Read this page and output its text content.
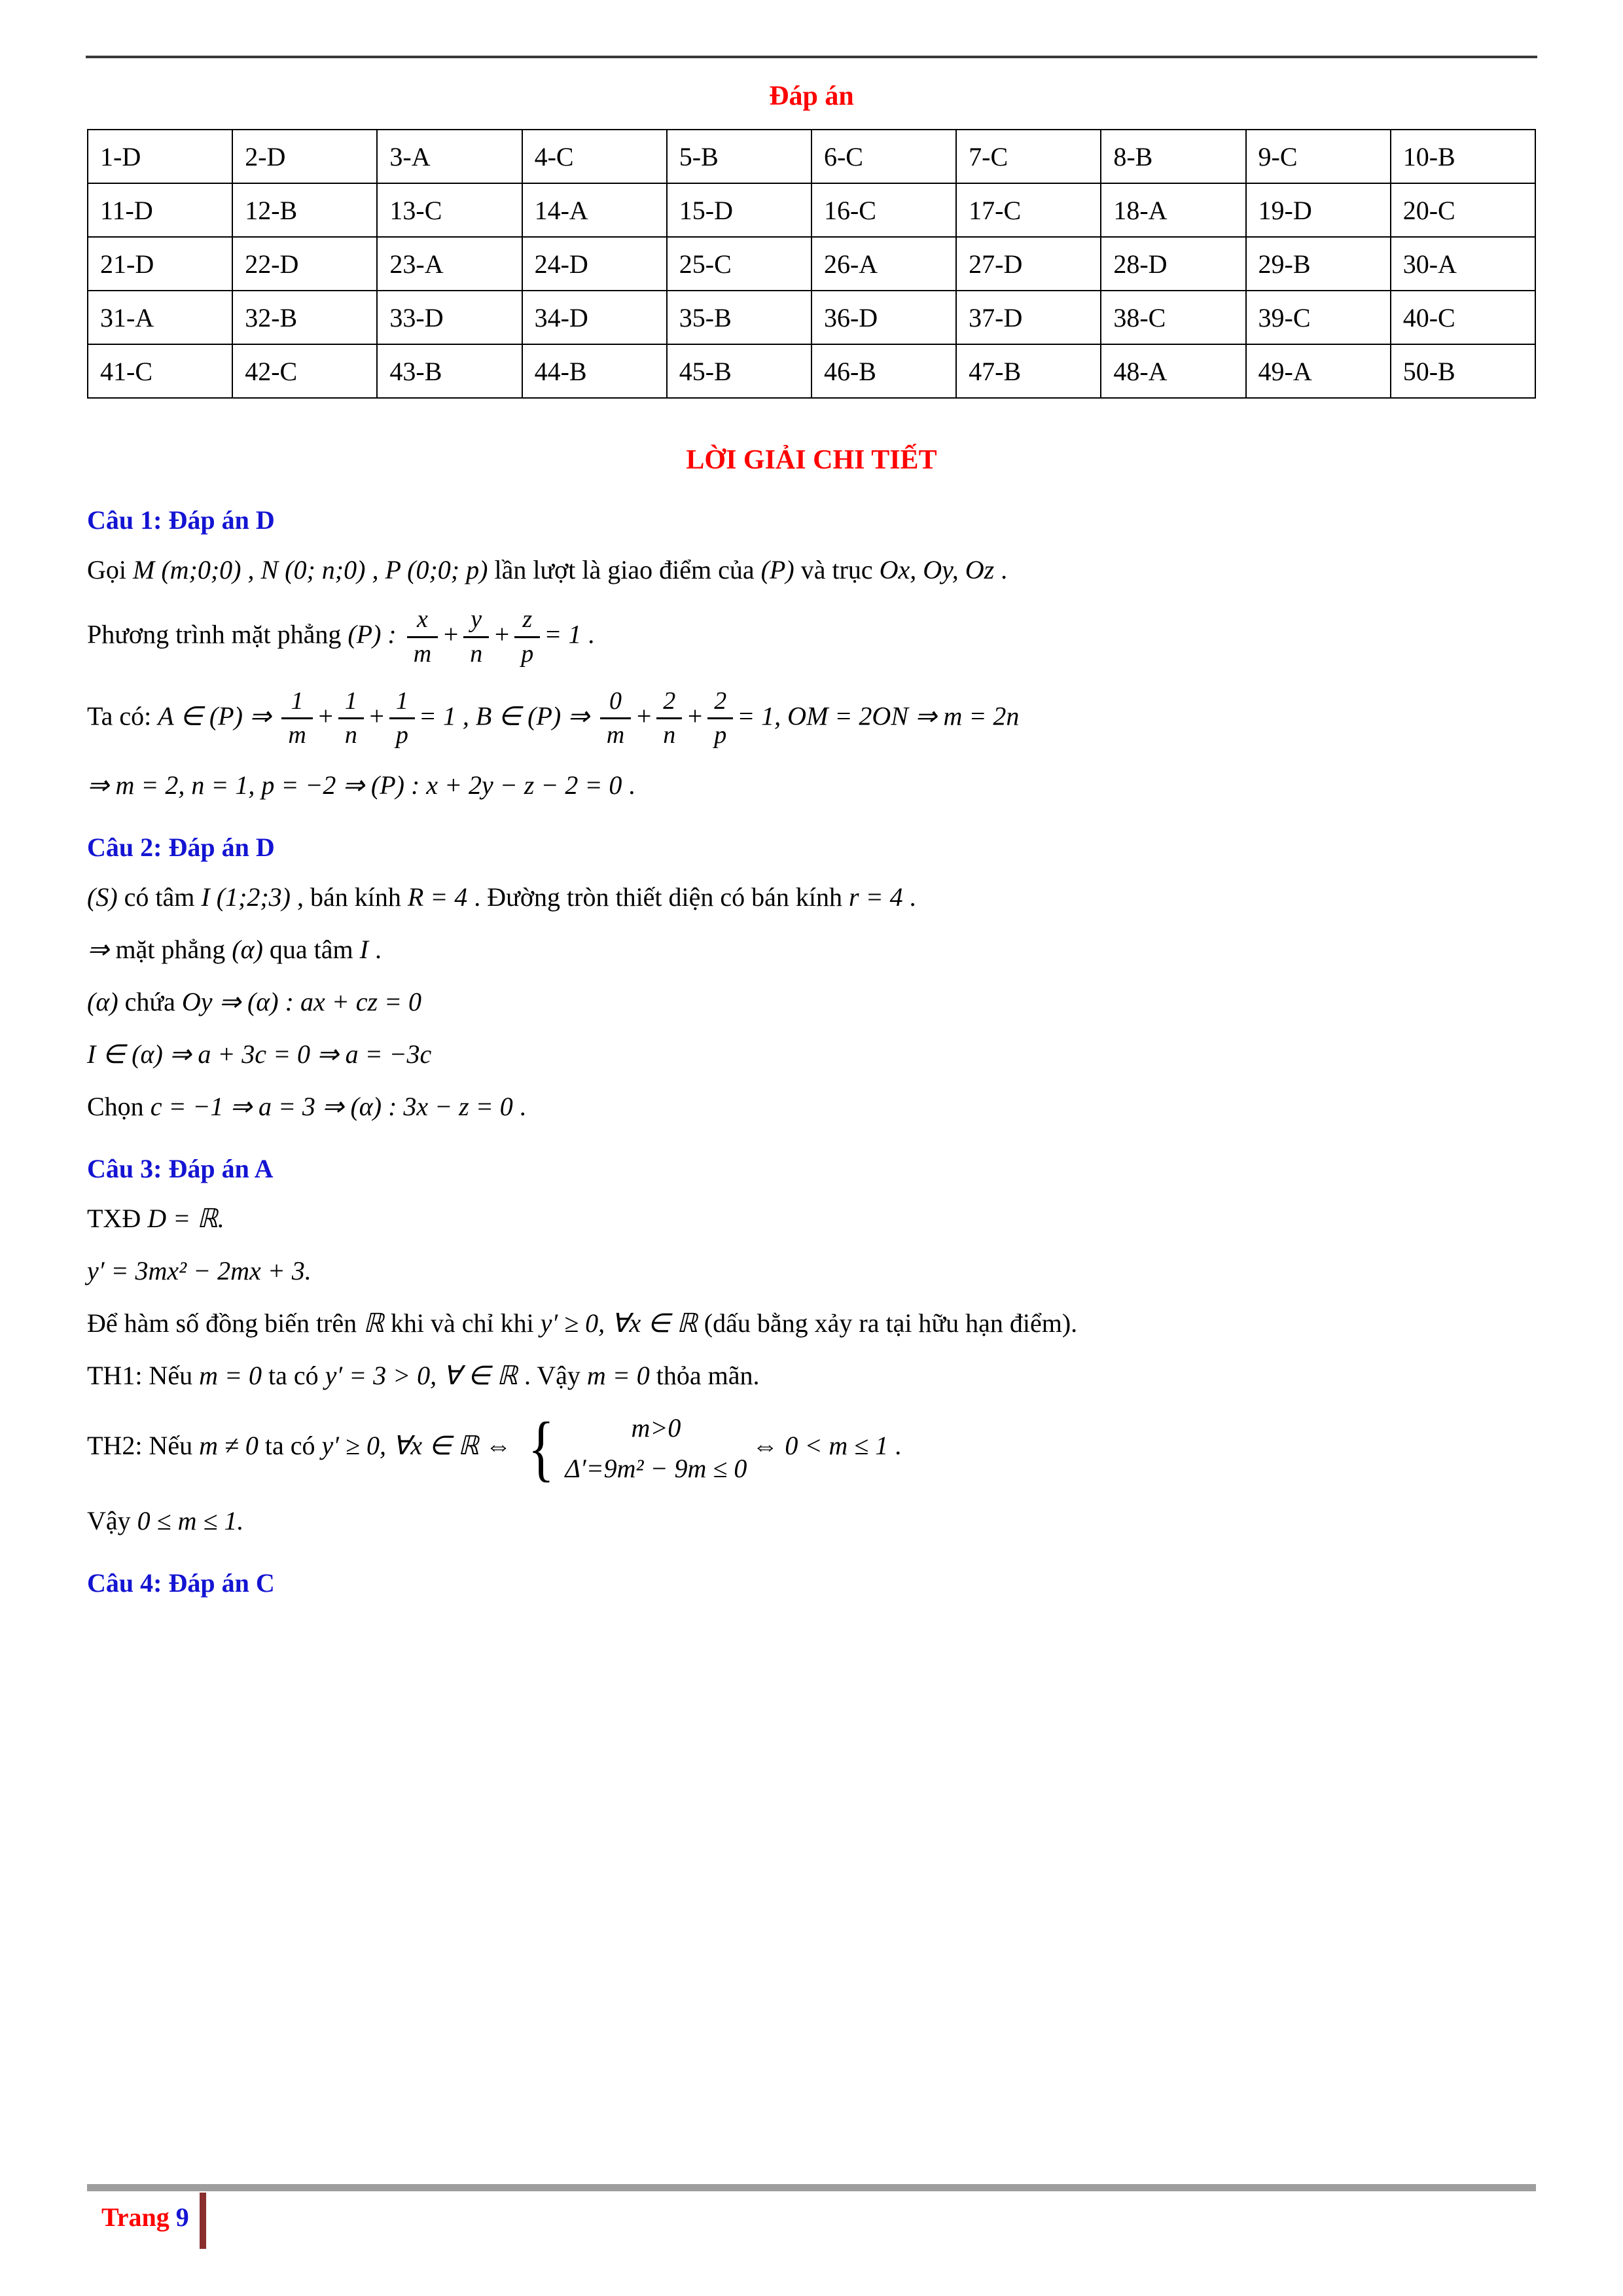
Đáp án
1-D	2-D	3-A	4-C	5-B	6-C	7-C	8-B	9-C	10-B
11-D	12-B	13-C	14-A	15-D	16-C	17-C	18-A	19-D	20-C
21-D	22-D	23-A	24-D	25-C	26-A	27-D	28-D	29-B	30-A
31-A	32-B	33-D	34-D	35-B	36-D	37-D	38-C	39-C	40-C
41-C	42-C	43-B	44-B	45-B	46-B	47-B	48-A	49-A	50-B
LỜI GIẢI CHI TIẾT

Câu 1: Đáp án D

Gọi M (m;0;0) , N (0; n;0) , P (0;0; p) lần lượt là giao điểm của (P) và trục Ox, Oy, Oz .

Phương trình mặt phẳng (P) : $\frac{x}{m} + \frac{y}{n} + \frac{z}{p} = 1$ .

Ta có: A ∈ (P) ⇒ $\frac{1}{m} + \frac{1}{n} + \frac{1}{p} = 1$ , B ∈ (P) ⇒ $\frac{0}{m} + \frac{2}{n} + \frac{2}{p} = 1$, OM = 2ON ⇒ m = 2n

⇒ m = 2, n = 1, p = −2 ⇒ (P) : x + 2y − z − 2 = 0 .

Câu 2: Đáp án D

(S) có tâm I (1;2;3) , bán kính R = 4 . Đường tròn thiết diện có bán kính r = 4 .

⇒ mặt phẳng (α) qua tâm I .

(α) chứa Oy ⇒ (α) : ax + cz = 0

I ∈ (α) ⇒ a + 3c = 0 ⇒ a = −3c

Chọn c = −1 ⇒ a = 3 ⇒ (α) : 3x − z = 0 .

Câu 3: Đáp án A

TXĐ D = ℝ.

y′ = 3mx² − 2mx + 3.

Để hàm số đồng biến trên ℝ khi và chỉ khi y′ ≥ 0, ∀x ∈ ℝ (dấu bằng xảy ra tại hữu hạn điểm).

TH1: Nếu m = 0 ta có y′ = 3 > 0, ∀ ∈ ℝ . Vậy m = 0 thỏa mãn.

TH2: Nếu m ≠ 0 ta có y′ ≥ 0, ∀x ∈ ℝ ⇔ {	m>0
Δ′=9m² − 9m ≤ 0
⇔ 0 < m ≤ 1 .

Vậy 0 ≤ m ≤ 1.

Câu 4: Đáp án C

Trang 9
